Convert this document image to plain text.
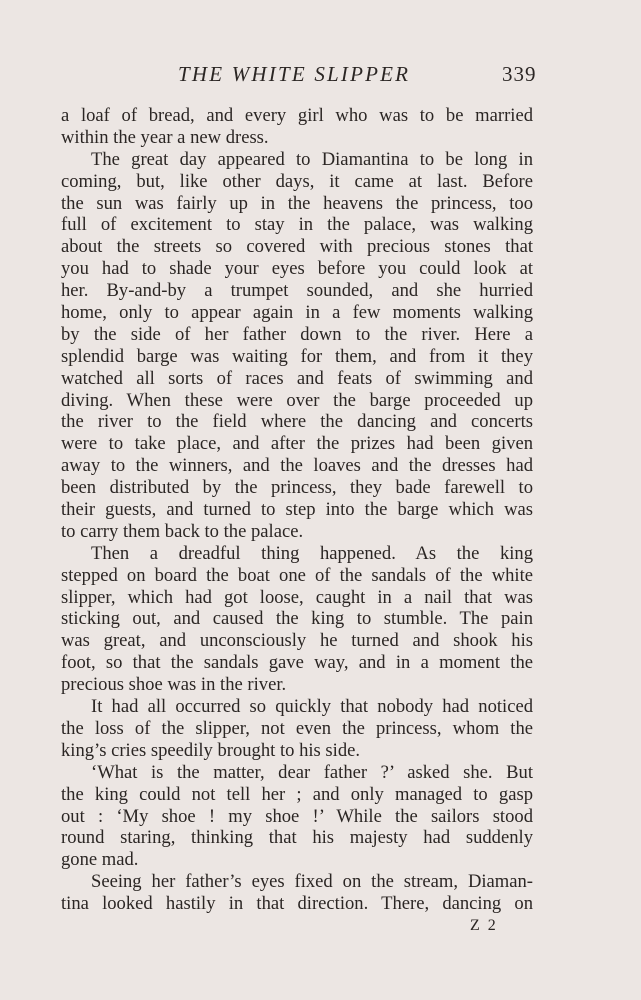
THE WHITE SLIPPER	339
a loaf of bread, and every girl who was to be married
within the year a new dress.
The great day appeared to Diamantina to be long in
coming, but, like other days, it came at last. Before
the sun was fairly up in the heavens the princess, too
full of excitement to stay in the palace, was walking
about the streets so covered with precious stones that
you had to shade your eyes before you could look at
her. By-and-by a trumpet sounded, and she hurried
home, only to appear again in a few moments walking
by the side of her father down to the river. Here a
splendid barge was waiting for them, and from it they
watched all sorts of races and feats of swimming and
diving. When these were over the barge proceeded up
the river to the field where the dancing and concerts
were to take place, and after the prizes had been given
away to the winners, and the loaves and the dresses had
been distributed by the princess, they bade farewell to
their guests, and turned to step into the barge which was
to carry them back to the palace.
Then a dreadful thing happened. As the king
stepped on board the boat one of the sandals of the white
slipper, which had got loose, caught in a nail that was
sticking out, and caused the king to stumble. The pain
was great, and unconsciously he turned and shook his
foot, so that the sandals gave way, and in a moment the
precious shoe was in the river.
It had all occurred so quickly that nobody had noticed
the loss of the slipper, not even the princess, whom the
king’s cries speedily brought to his side.
‘What is the matter, dear father ?’ asked she. But
the king could not tell her ; and only managed to gasp
out : ‘My shoe ! my shoe !’ While the sailors stood
round staring, thinking that his majesty had suddenly
gone mad.
Seeing her father’s eyes fixed on the stream, Diaman-
tina looked hastily in that direction. There, dancing on
Z 2
